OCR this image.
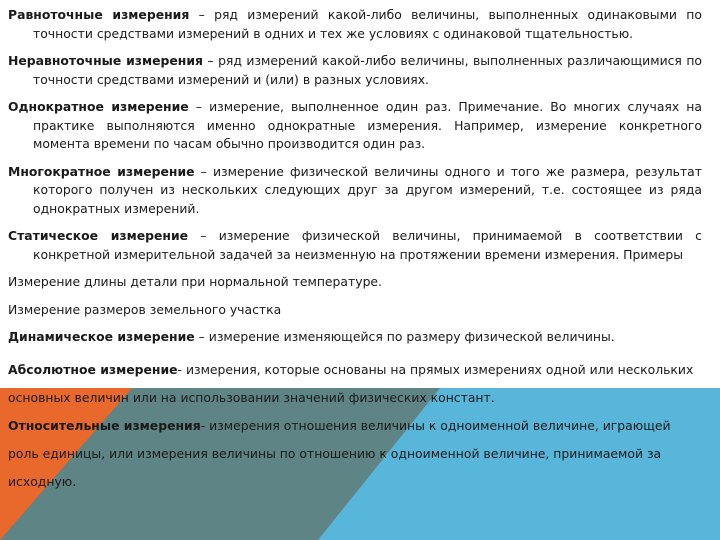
Равноточные измерения – ряд измерений какой-либо величины, выполненных одинаковыми по точности средствами измерений в одних и тех же условиях с одинаковой тщательностью.

Неравноточные измерения – ряд измерений какой-либо величины, выполненных различающимися по точности средствами измерений и (или) в разных условиях.

Однократное измерение – измерение, выполненное один раз. Примечание. Во многих случаях на практике выполняются именно однократные измерения. Например, измерение конкретного момента времени по часам обычно производится один раз.

Многократное измерение – измерение физической величины одного и того же размера, результат которого получен из нескольких следующих друг за другом измерений, т.е. состоящее из ряда однократных измерений.

Статическое измерение – измерение физической величины, принимаемой в соответствии с конкретной измерительной задачей за неизменную на протяжении времени измерения. Примеры

Измерение длины детали при нормальной температуре.

Измерение размеров земельного участка

Динамическое измерение – измерение изменяющейся по размеру физической величины.

Абсолютное измерение- измерения, которые основаны на прямых измерениях одной или нескольких основных величин или на использовании значений физических констант.

Относительные измерения- измерения отношения величины к одноименной величине, играющей роль единицы, или измерения величины по отношению к одноименной величине, принимаемой за исходную.
